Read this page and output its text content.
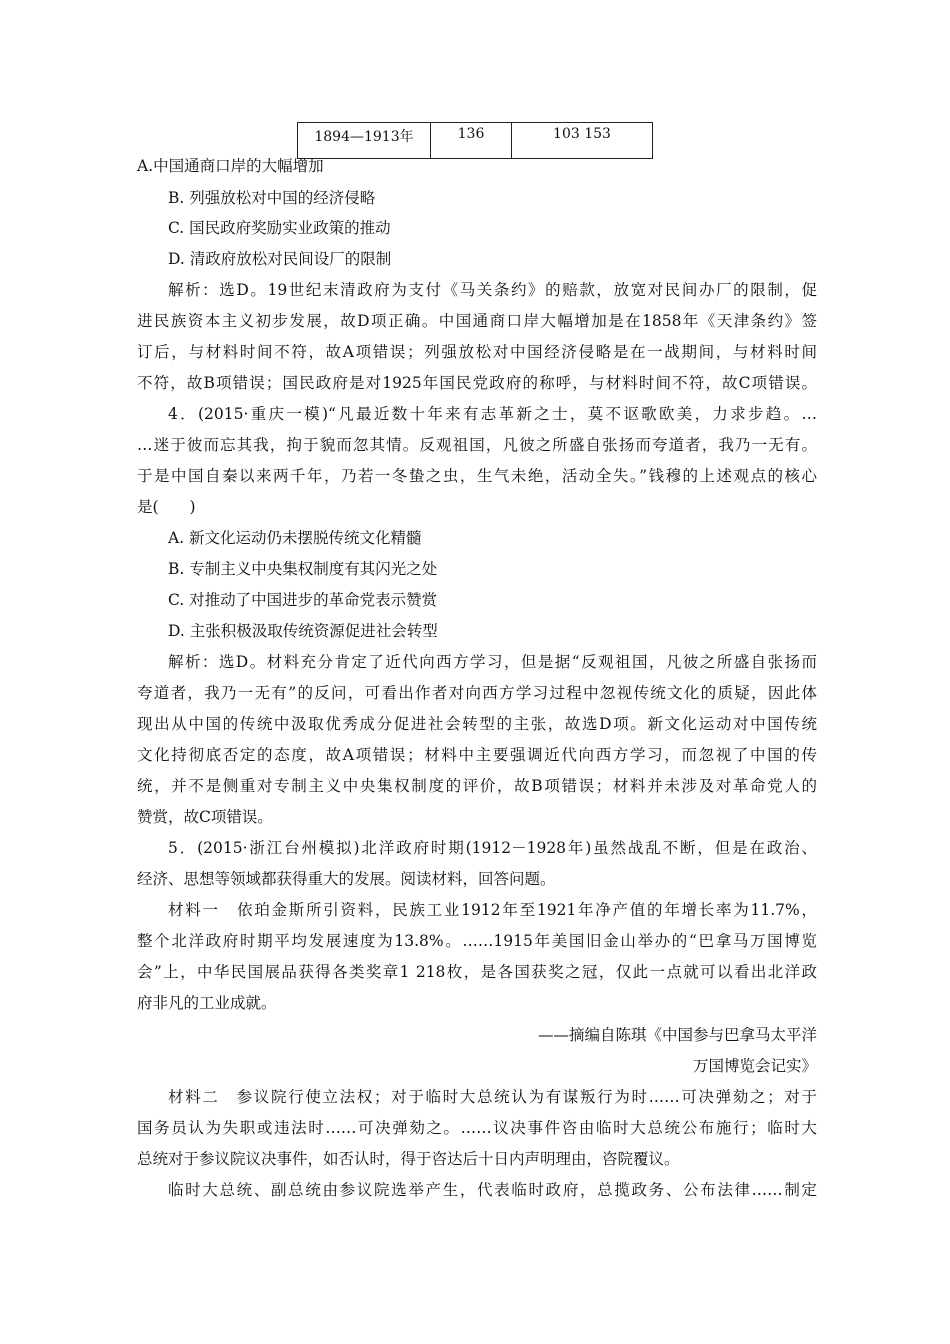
1894—1913年	136	103 153
A.中国通商口岸的大幅增加
B. 列强放松对中国的经济侵略
C. 国民政府奖励实业政策的推动
D. 清政府放松对民间设厂的限制
解析：选D。19世纪末清政府为支付《马关条约》的赔款，放宽对民间办厂的限制，促
进民族资本主义初步发展，故D项正确。中国通商口岸大幅增加是在1858年《天津条约》签
订后，与材料时间不符，故A项错误；列强放松对中国经济侵略是在一战期间，与材料时间
不符，故B项错误；国民政府是对1925年国民党政府的称呼，与材料时间不符，故C项错误。
4．(2015·重庆一模)“凡最近数十年来有志革新之士，莫不讴歌欧美，力求步趋。…
…迷于彼而忘其我，拘于貌而忽其情。反观祖国，凡彼之所盛自张扬而夸道者，我乃一无有。
于是中国自秦以来两千年，乃若一冬蛰之虫，生气未绝，活动全失。”钱穆的上述观点的核心
是(　　)
A. 新文化运动仍未摆脱传统文化精髓
B. 专制主义中央集权制度有其闪光之处
C. 对推动了中国进步的革命党表示赞赏
D. 主张积极汲取传统资源促进社会转型
解析：选D。材料充分肯定了近代向西方学习，但是据“反观祖国，凡彼之所盛自张扬而
夸道者，我乃一无有”的反问，可看出作者对向西方学习过程中忽视传统文化的质疑，因此体
现出从中国的传统中汲取优秀成分促进社会转型的主张，故选D项。新文化运动对中国传统
文化持彻底否定的态度，故A项错误；材料中主要强调近代向西方学习，而忽视了中国的传
统，并不是侧重对专制主义中央集权制度的评价，故B项错误；材料并未涉及对革命党人的
赞赏，故C项错误。
5．(2015·浙江台州模拟)北洋政府时期(1912－1928年)虽然战乱不断，但是在政治、
经济、思想等领域都获得重大的发展。阅读材料，回答问题。
材料一　依珀金斯所引资料，民族工业1912年至1921年净产值的年增长率为11.7%，
整个北洋政府时期平均发展速度为13.8%。……1915年美国旧金山举办的“巴拿马万国博览
会”上，中华民国展品获得各类奖章1 218枚，是各国获奖之冠，仅此一点就可以看出北洋政
府非凡的工业成就。
——摘编自陈琪《中国参与巴拿马太平洋
万国博览会记实》
材料二　参议院行使立法权；对于临时大总统认为有谋叛行为时……可决弹劾之；对于
国务员认为失职或违法时……可决弹劾之。……议决事件咨由临时大总统公布施行；临时大
总统对于参议院议决事件，如否认时，得于咨达后十日内声明理由，咨院覆议。
临时大总统、副总统由参议院选举产生，代表临时政府，总揽政务、公布法律……制定
